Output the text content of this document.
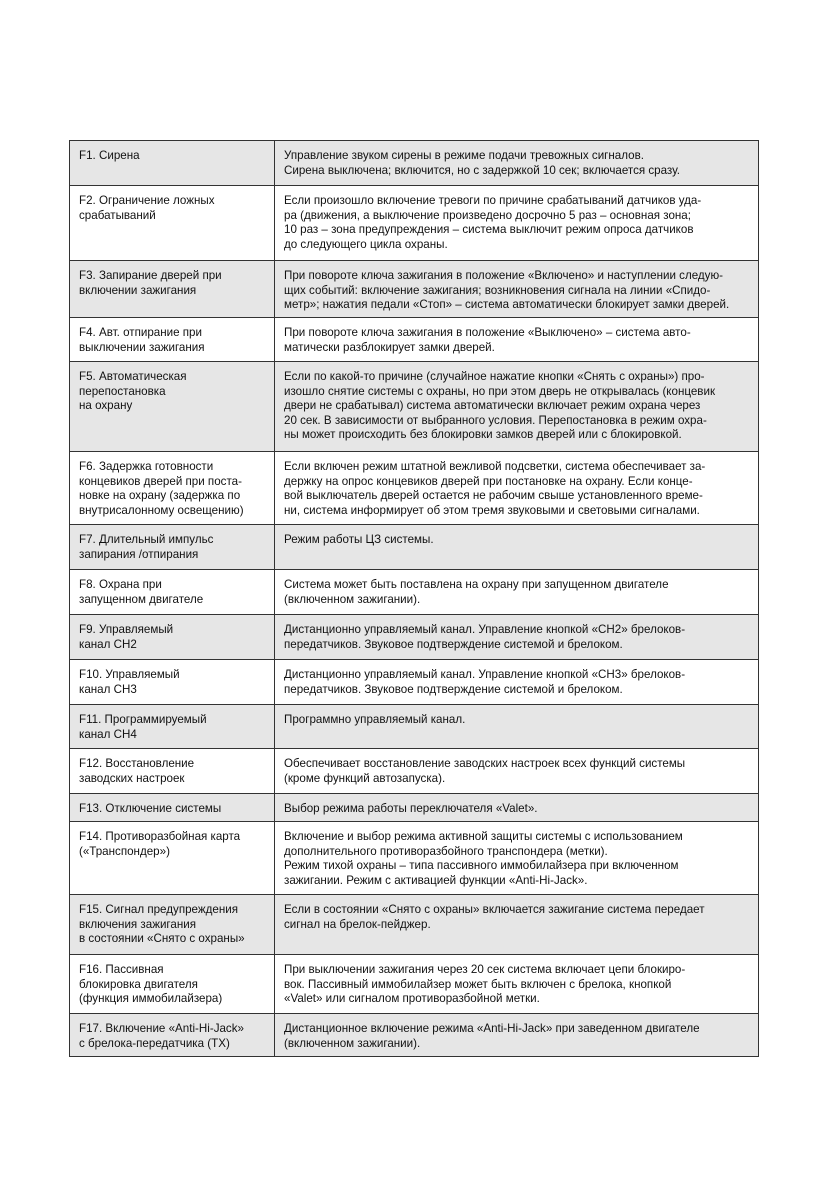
F1. Сирена	Управление звуком сирены в режиме подачи тревожных сигналов.
Сирена выключена; включится, но с задержкой 10 сек; включается сразу.
F2. Ограничение ложных
срабатываний
Если произошло включение тревоги по причине срабатываний датчиков уда-
ра (движения, а выключение произведено досрочно 5 раз – основная зона;
10 раз – зона предупреждения – система выключит режим опроса датчиков
до следующего цикла охраны.
F3. Запирание дверей при
включении зажигания
При повороте ключа зажигания в положение «Включено» и наступлении следую-
щих событий: включение зажигания; возникновения сигнала на линии «Спидо-
метр»; нажатия педали «Стоп» – система автоматически блокирует замки дверей.
F4. Авт. отпирание при
выключении зажигания
При повороте ключа зажигания в положение «Выключено» – система авто-
матически разблокирует замки дверей.
F5. Автоматическая
перепостановка
на охрану
Если по какой-то причине (случайное нажатие кнопки «Снять с охраны») про-
изошло снятие системы с охраны, но при этом дверь не открывалась (концевик
двери не срабатывал) система автоматически включает режим охрана через
20 сек. В зависимости от выбранного условия. Перепостановка в режим охра-
ны может происходить без блокировки замков дверей или с блокировкой.
F6. Задержка готовности
концевиков дверей при поста-
новке на охрану (задержка по
внутрисалонному освещению)
Если включен режим штатной вежливой подсветки, система обеспечивает за-
держку на опрос концевиков дверей при постановке на охрану. Если конце-
вой выключатель дверей остается не рабочим свыше установленного време-
ни, система информирует об этом тремя звуковыми и световыми сигналами.
F7. Длительный импульс
запирания /отпирания
Режим работы ЦЗ системы.
F8. Охрана при
запущенном двигателе
Система может быть поставлена на охрану при запущенном двигателе
(включенном зажигании).
F9. Управляемый
канал CH2
Дистанционно управляемый канал. Управление кнопкой «CH2» брелоков-
передатчиков. Звуковое подтверждение системой и брелоком.
F10. Управляемый
канал CH3
Дистанционно управляемый канал. Управление кнопкой «CH3» брелоков-
передатчиков. Звуковое подтверждение системой и брелоком.
F11. Программируемый
канал CH4
Программно управляемый канал.
F12. Восстановление
заводских настроек
Обеспечивает восстановление заводских настроек всех функций системы
(кроме функций автозапуска).
F13. Отключение системы	Выбор режима работы переключателя «Valet».
F14. Противоразбойная карта
(«Транспондер»)
Включение и выбор режима активной защиты системы с использованием
дополнительного противоразбойного транспондера (метки).
Режим тихой охраны – типа пассивного иммобилайзера при включенном
зажигании. Режим с активацией функции «Anti-Hi-Jack».
F15. Сигнал предупреждения
включения зажигания
в состоянии «Снято с охраны»
Если в состоянии «Снято с охраны» включается зажигание система передает
сигнал на брелок-пейджер.
F16. Пассивная
блокировка двигателя
(функция иммобилайзера)
При выключении зажигания через 20 сек система включает цепи блокиро-
вок. Пассивный иммобилайзер может быть включен с брелока, кнопкой
«Valet» или сигналом противоразбойной метки.
F17. Включение «Anti-Hi-Jack»
с брелока-передатчика (TX)
Дистанционное включение режима «Anti-Hi-Jack» при заведенном двигателе
(включенном зажигании).
